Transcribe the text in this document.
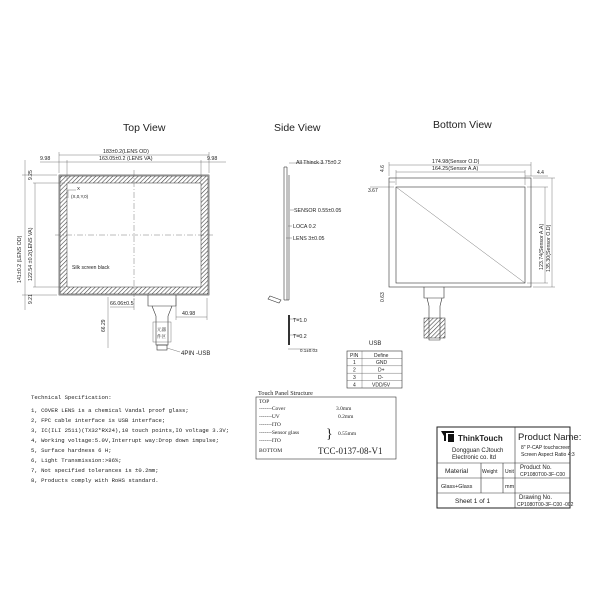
Top View	Side View	Bottom View
X
(X,0,Y,0)
Silk screen black
183±0.2(LENS OD)
163.05±0.2 (LENS VA)
9.98	9.98
141±0.2 (LENS OD) 122.54 ±0.2(LENS VA)
9.25
9.21
元器
件区
4PIN -USB
66.06±0.5
40.98
66.29
All Thinck 3.75±0.2
SENSOR 0.55±0.05
LOCA 0.2
LENS 3±0.05
T=1.0
T=0.2
0.1±0.03
174.98(Sensor O.D)
164.25(Sensor A.A)
4.4
4.6
3.67
0.63
123.74(Sensor A.A) 135.30(Sensor O.D)
USB
PIN	Define
1	GND
2	D+
3	D-
4	VDD/5V
Touch Panel Structure
TOP
-------Cover
-------UV
-------ITO
-------Sensor glass
-------ITO
3.0mm
0.2mm
} 0.55mm
BOTTOM	TCC-0137-08-V1
Technical Specification:
1, COVER LENS is a chemical Vandal proof glass;
2, FPC cable interface is USB interface;
3, IC(ILI 2511)(TX32*RX24),10 touch points,IO voltage 3.3V;
4, Working voltage:5.0V,Interrupt way:Drop down impulse;
5, Surface hardness 6 H;
6, Light Transmission:>86%;
7, Not specified tolerances is ±0.2mm;
8, Products comply with RoHS standard.
ThinkTouch
Dongguan CJtouch
Electronic co. ltd
Product Name:
8" P-CAP touchscreen
Screen Aspect Ratio 4:3
Material	Weight Unit
Product No.
CP1080T00-3F-C00
Glass+Glass	mm
Sheet 1 of 1	Drawing No.
CP1080T00-3F-C00 -002
